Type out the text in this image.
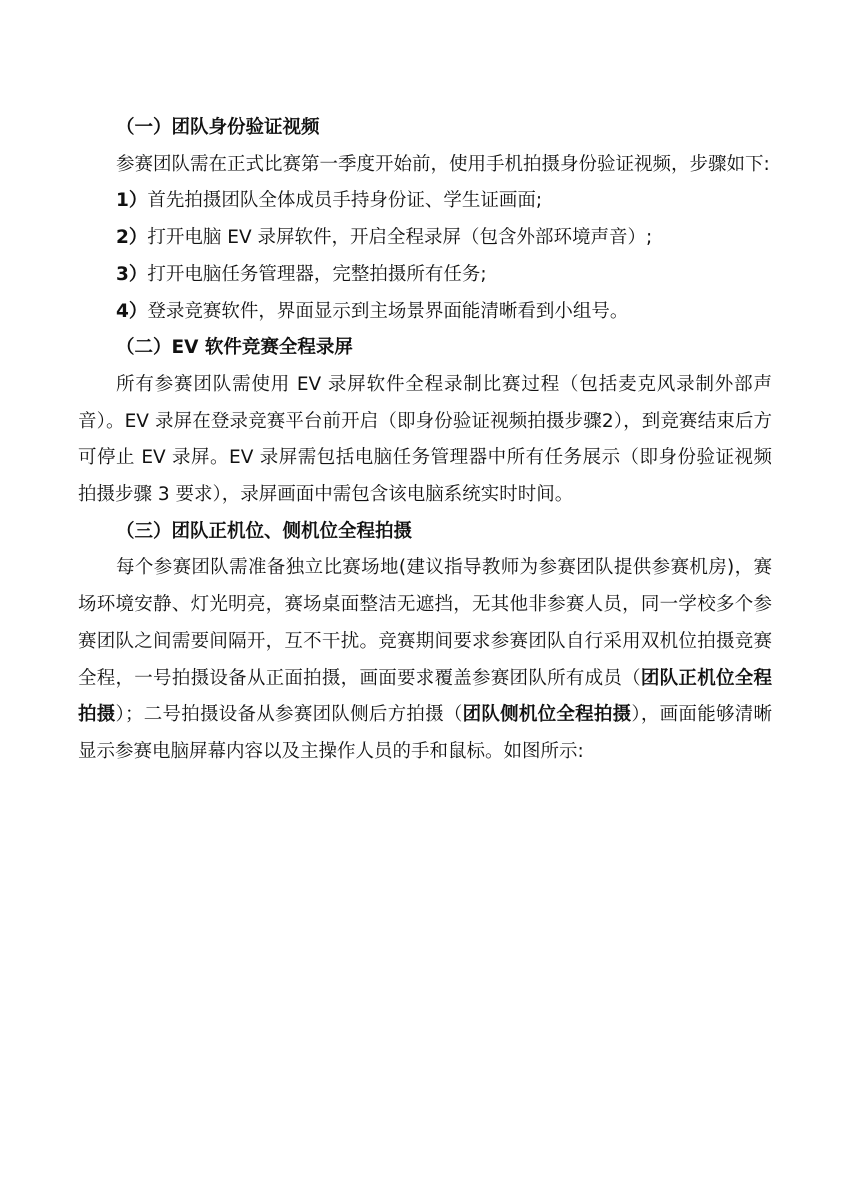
（一）团队身份验证视频

参赛团队需在正式比赛第一季度开始前，使用手机拍摄身份验证视频，步骤如下:

1）首先拍摄团队全体成员手持身份证、学生证画面;

2）打开电脑 EV 录屏软件，开启全程录屏（包含外部环境声音）;

3）打开电脑任务管理器，完整拍摄所有任务;

4）登录竞赛软件，界面显示到主场景界面能清晰看到小组号。

（二）EV 软件竞赛全程录屏

所有参赛团队需使用 EV 录屏软件全程录制比赛过程（包括麦克风录制外部声音）。EV 录屏在登录竞赛平台前开启（即身份验证视频拍摄步骤2），到竞赛结束后方可停止 EV 录屏。EV 录屏需包括电脑任务管理器中所有任务展示（即身份验证视频拍摄步骤 3 要求），录屏画面中需包含该电脑系统实时时间。

（三）团队正机位、侧机位全程拍摄

每个参赛团队需准备独立比赛场地(建议指导教师为参赛团队提供参赛机房)，赛场环境安静、灯光明亮，赛场桌面整洁无遮挡，无其他非参赛人员，同一学校多个参赛团队之间需要间隔开，互不干扰。竞赛期间要求参赛团队自行采用双机位拍摄竞赛全程，一号拍摄设备从正面拍摄，画面要求覆盖参赛团队所有成员（团队正机位全程拍摄）；二号拍摄设备从参赛团队侧后方拍摄（团队侧机位全程拍摄），画面能够清晰显示参赛电脑屏幕内容以及主操作人员的手和鼠标。如图所示:
